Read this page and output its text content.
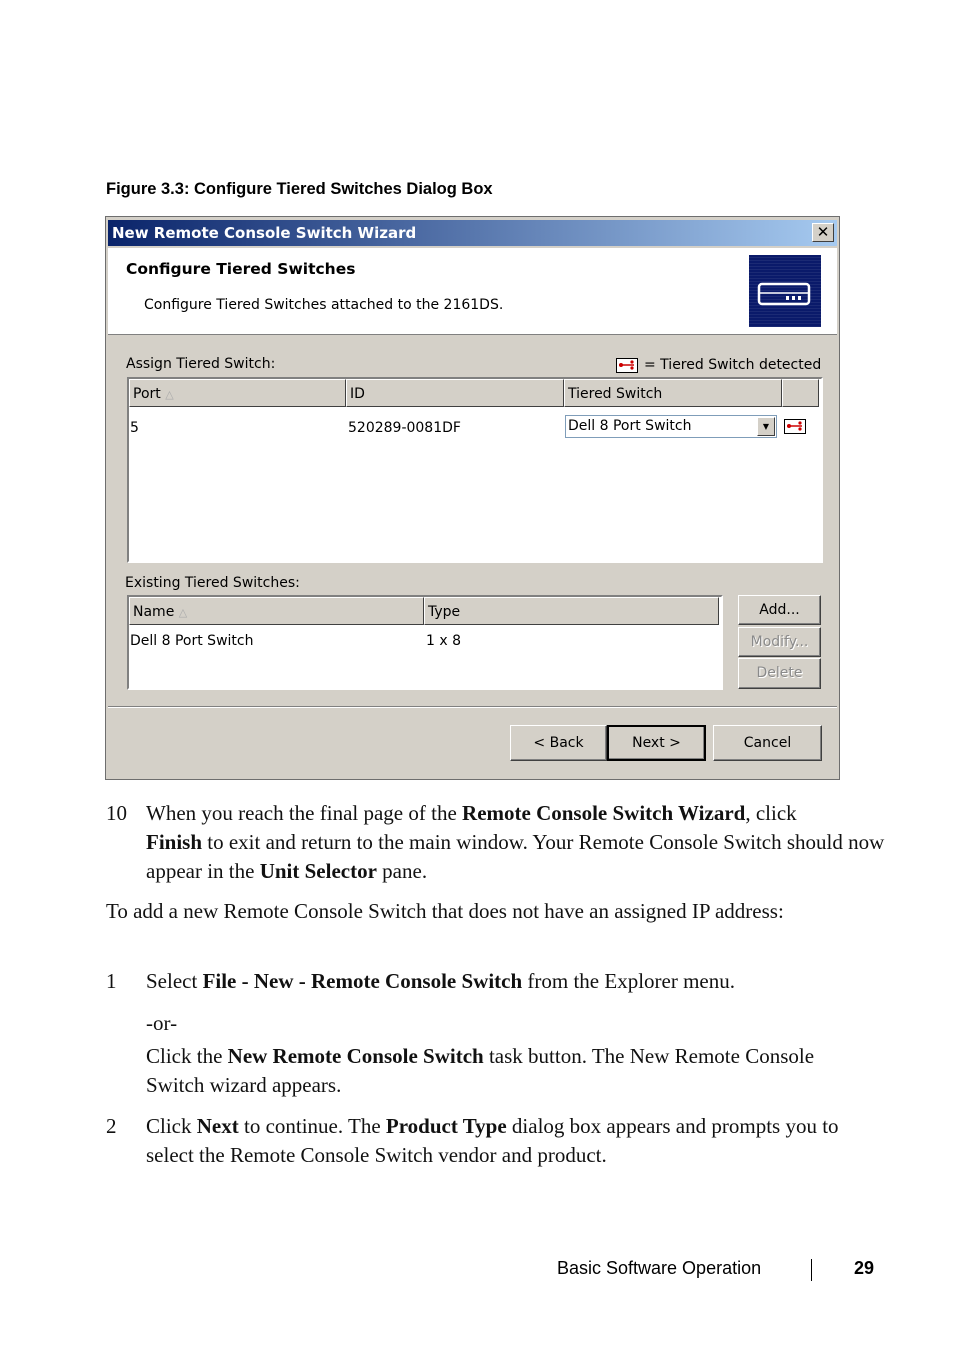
Figure 3.3: Configure Tiered Switches Dialog Box
New Remote Console Switch Wizard	✕
Configure Tiered Switches
Configure Tiered Switches attached to the 2161DS.
Assign Tiered Switch:	= Tiered Switch detected
Port △	ID	Tiered Switch
5	520289-0081DF	Dell 8 Port Switch	▼
Existing Tiered Switches:
Name △	Type
Dell 8 Port Switch	1 x 8
Add...
Modify...
Delete
< Back	Next >	Cancel
10 When you reach the final page of the Remote Console Switch Wizard, click
Finish to exit and return to the main window. Your Remote Console Switch should now appear in the Unit Selector pane.
To add a new Remote Console Switch that does not have an assigned IP address:
1 Select File - New - Remote Console Switch from the Explorer menu.
-or-
Click the New Remote Console Switch task button. The New Remote Console Switch wizard appears.
2 Click Next to continue. The Product Type dialog box appears and prompts you to select the Remote Console Switch vendor and product.
Basic Software Operation	29
